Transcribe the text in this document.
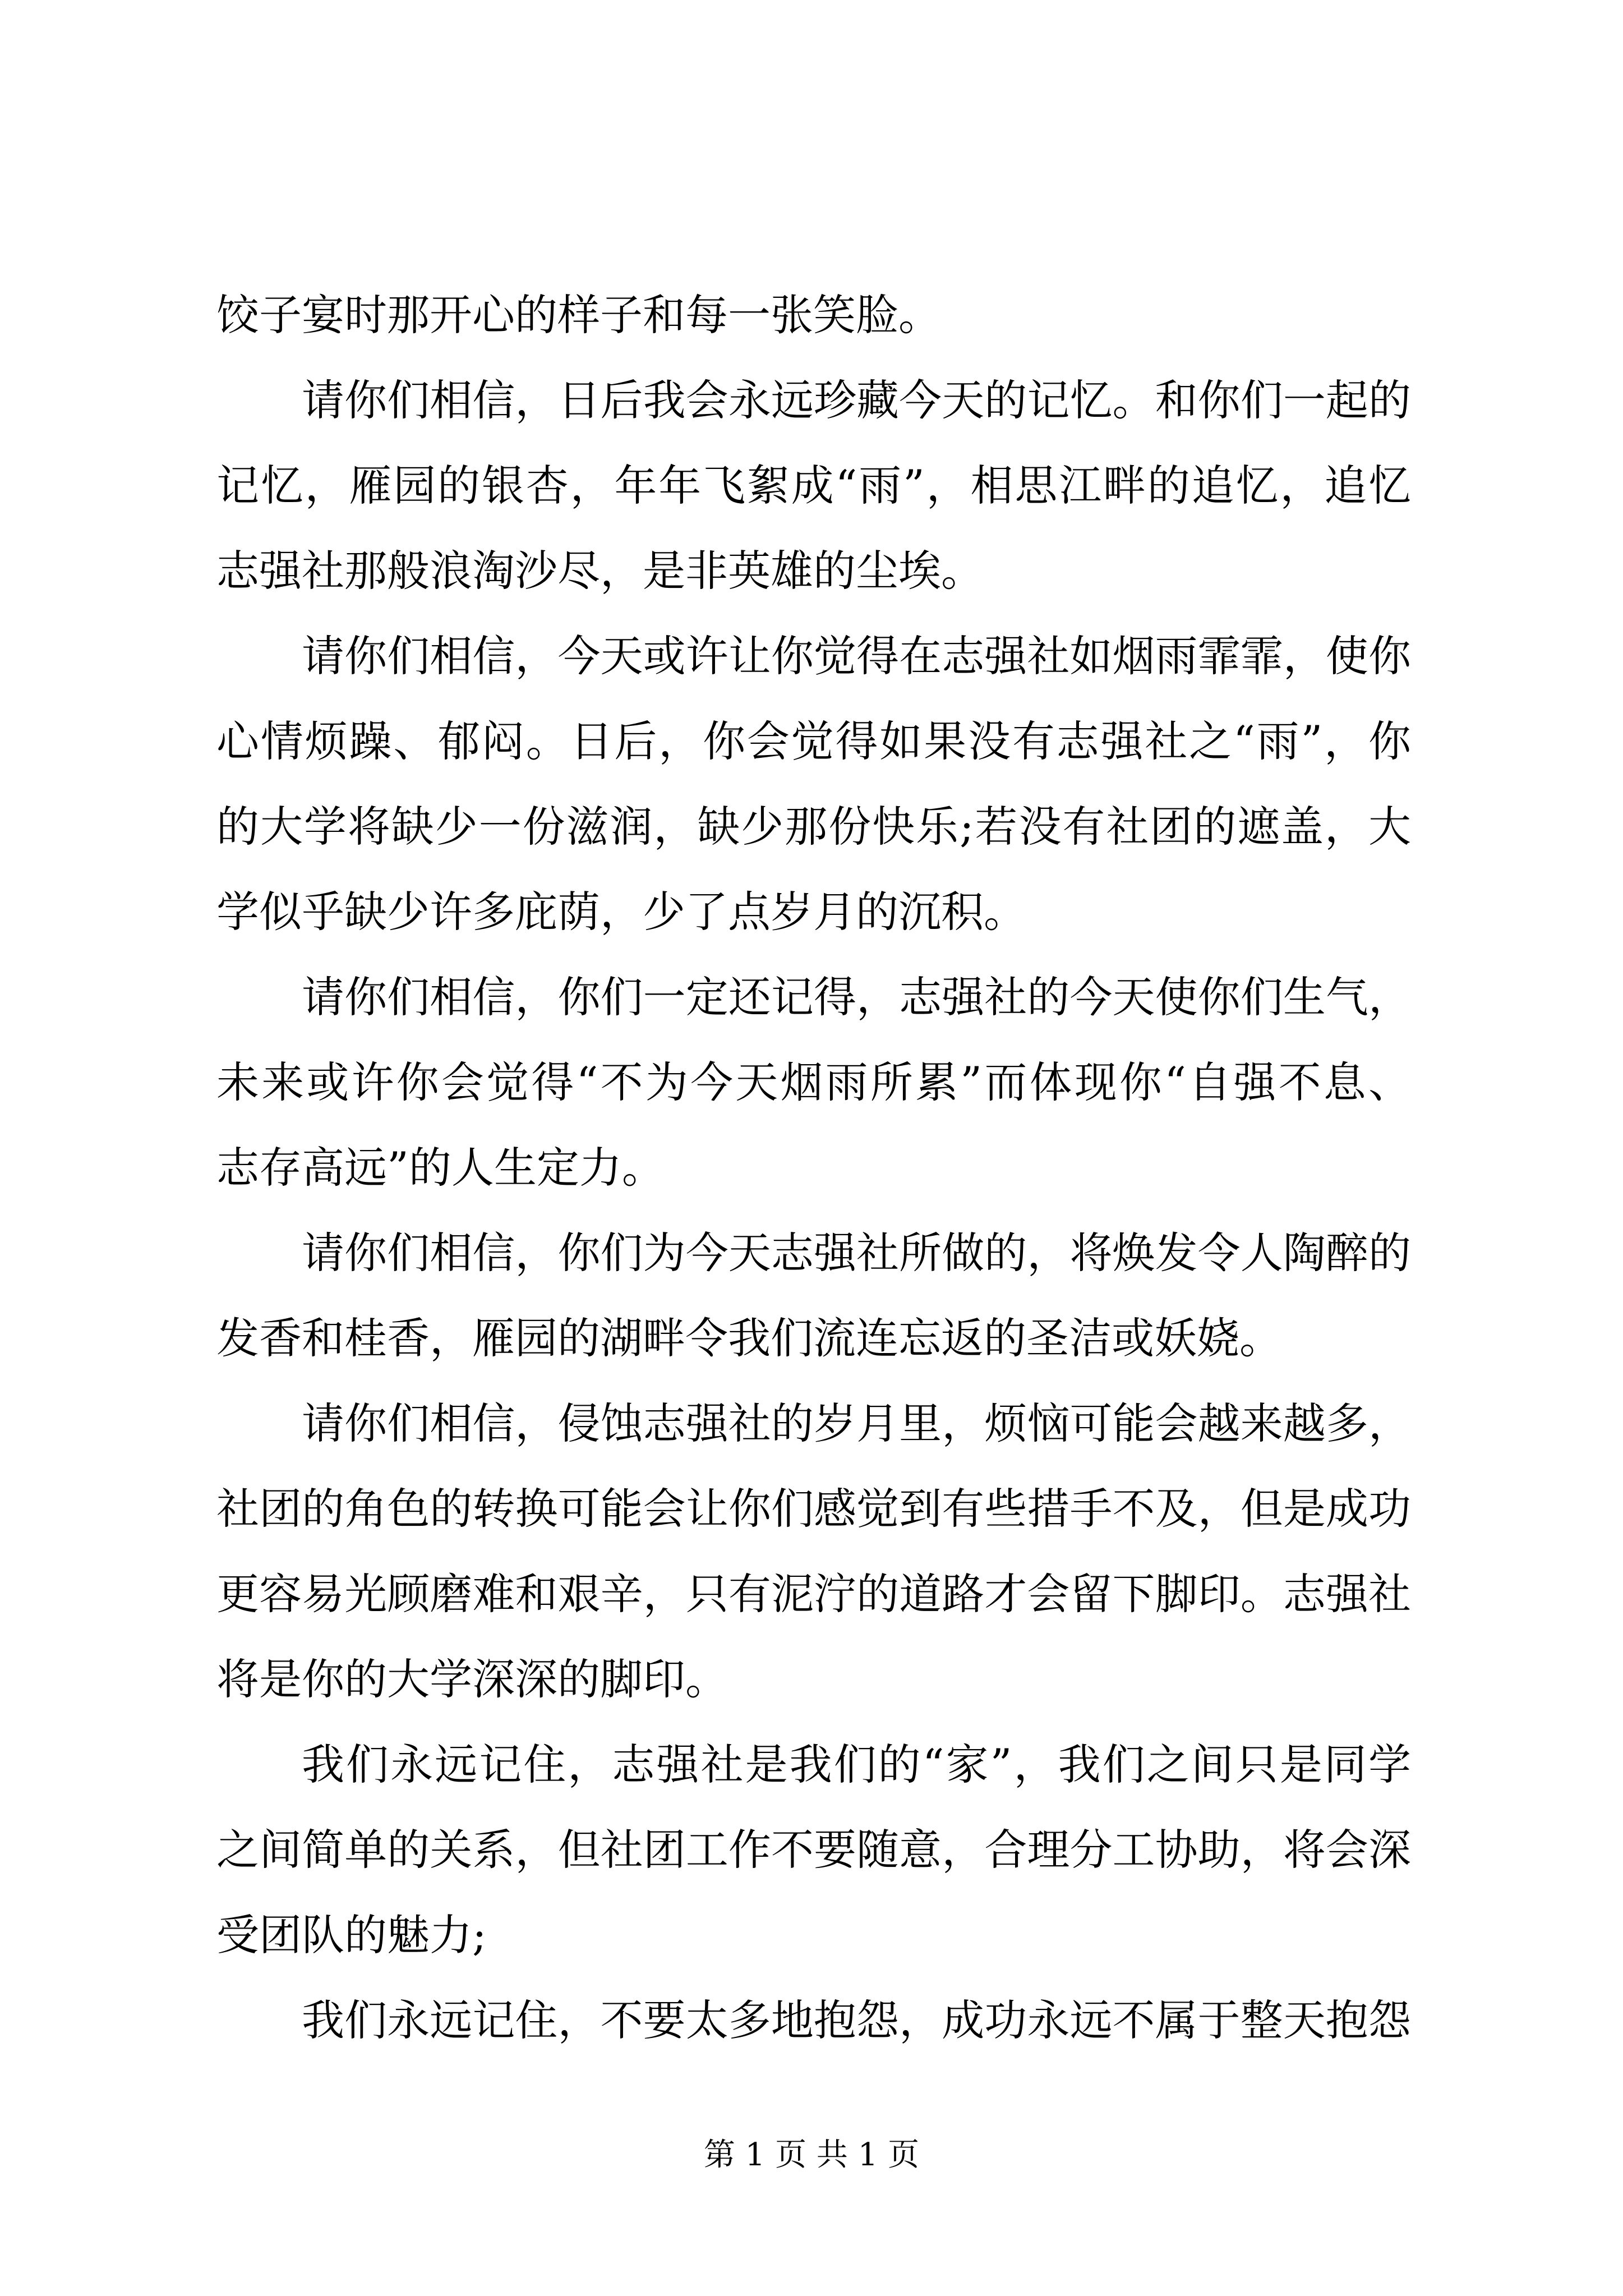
饺子宴时那开心的样子和每一张笑脸。
请你们相信，日后我会永远珍藏今天的记忆。和你们一起的
记忆，雁园的银杏，年年飞絮成“雨”，相思江畔的追忆，追忆
志强社那般浪淘沙尽，是非英雄的尘埃。
请你们相信，今天或许让你觉得在志强社如烟雨霏霏，使你
心情烦躁、郁闷。日后，你会觉得如果没有志强社之“雨”，你
的大学将缺少一份滋润，缺少那份快乐;若没有社团的遮盖，大
学似乎缺少许多庇荫，少了点岁月的沉积。
请你们相信，你们一定还记得，志强社的今天使你们生气，
未来或许你会觉得“不为今天烟雨所累”而体现你“自强不息、
志存高远”的人生定力。
请你们相信，你们为今天志强社所做的，将焕发令人陶醉的
发香和桂香，雁园的湖畔令我们流连忘返的圣洁或妖娆。
请你们相信，侵蚀志强社的岁月里，烦恼可能会越来越多，
社团的角色的转换可能会让你们感觉到有些措手不及，但是成功
更容易光顾磨难和艰辛，只有泥泞的道路才会留下脚印。志强社
将是你的大学深深的脚印。
我们永远记住，志强社是我们的“家”，我们之间只是同学
之间简单的关系，但社团工作不要随意，合理分工协助，将会深
受团队的魅力;
我们永远记住，不要太多地抱怨，成功永远不属于整天抱怨
第 1 页 共 1 页
